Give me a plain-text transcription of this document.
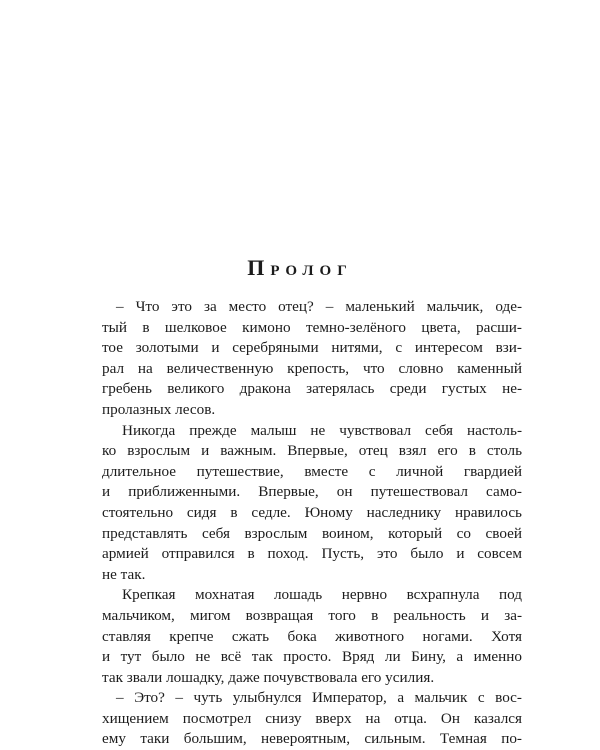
Пролог
– Что это за место отец? – маленький мальчик, оде-
тый в шелковое кимоно темно-зелёного цвета, расши-
тое золотыми и серебряными нитями, с интересом взи-
рал на величественную крепость, что словно каменный
гребень великого дракона затерялась среди густых не-
пролазных лесов.
Никогда прежде малыш не чувствовал себя настоль-
ко взрослым и важным. Впервые, отец взял его в столь
длительное путешествие, вместе с личной гвардией
и приближенными. Впервые, он путешествовал само-
стоятельно сидя в седле. Юному наследнику нравилось
представлять себя взрослым воином, который со своей
армией отправился в поход. Пусть, это было и совсем
не так.
Крепкая мохнатая лошадь нервно всхрапнула под
мальчиком, мигом возвращая того в реальность и за-
ставляя крепче сжать бока животного ногами. Хотя
и тут было не всё так просто. Вряд ли Бину, а именно
так звали лошадку, даже почувствовала его усилия.
– Это? – чуть улыбнулся Император, а мальчик с вос-
хищением посмотрел снизу вверх на отца. Он казался
ему таки большим, невероятным, сильным. Темная по-
